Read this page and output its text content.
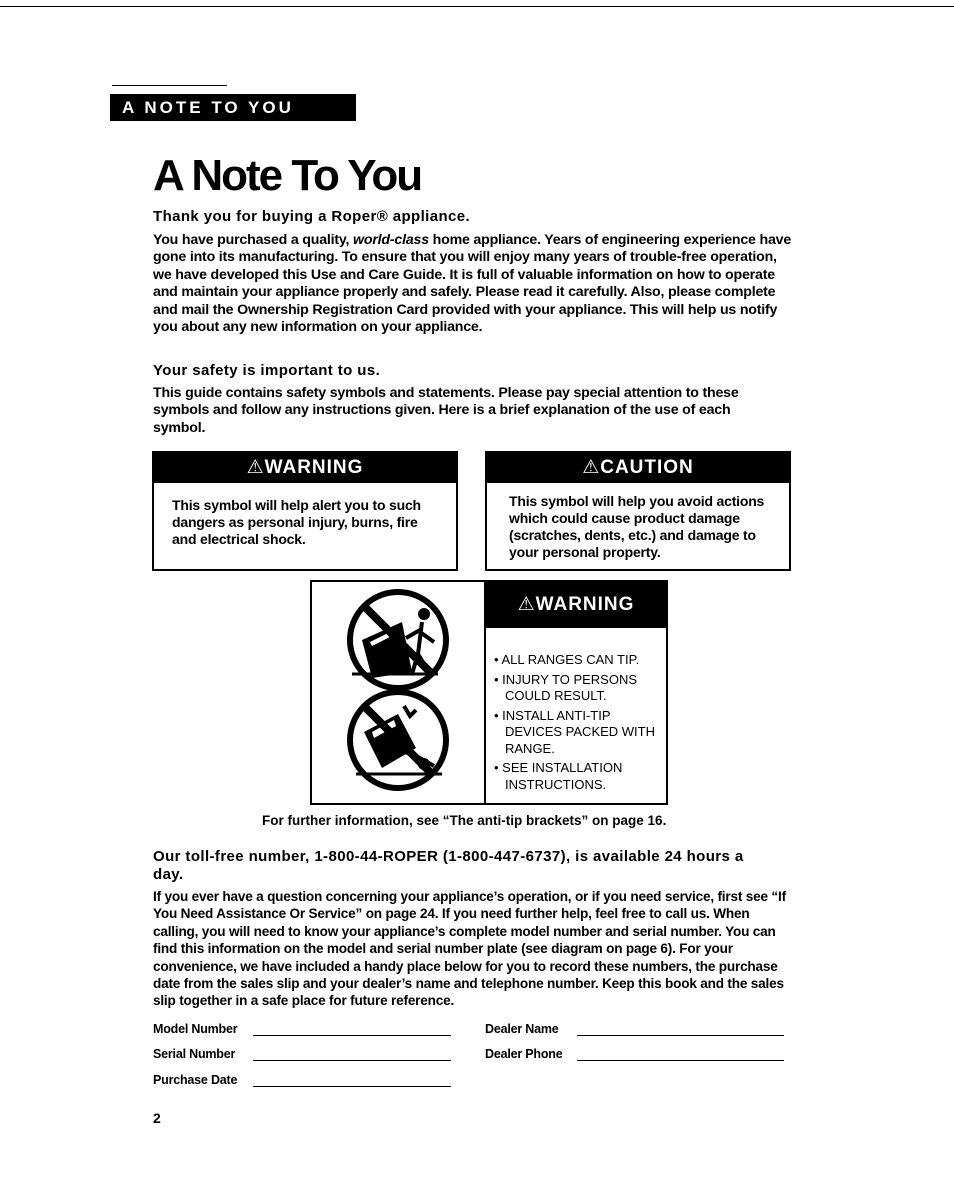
A NOTE TO YOU
A Note To You
Thank you for buying a Roper® appliance.

You have purchased a quality, world-class home appliance. Years of engineering experience have gone into its manufacturing. To ensure that you will enjoy many years of trouble-free operation, we have developed this Use and Care Guide. It is full of valuable information on how to operate and maintain your appliance properly and safely. Please read it carefully. Also, please complete and mail the Ownership Registration Card provided with your appliance. This will help us notify you about any new information on your appliance.

Your safety is important to us.

This guide contains safety symbols and statements. Please pay special attention to these symbols and follow any instructions given. Here is a brief explanation of the use of each symbol.

⚠WARNING
This symbol will help alert you to such dangers as personal injury, burns, fire and electrical shock.
⚠CAUTION
This symbol will help you avoid actions which could cause product damage (scratches, dents, etc.) and damage to your personal property.
⚠WARNING
• ALL RANGES CAN TIP.
• INJURY TO PERSONS COULD RESULT.
• INSTALL ANTI-TIP DEVICES PACKED WITH RANGE.
• SEE INSTALLATION INSTRUCTIONS.
For further information, see “The anti-tip brackets” on page 16.
Our toll-free number, 1-800-44-ROPER (1-800-447-6737), is available 24 hours a day.

If you ever have a question concerning your appliance’s operation, or if you need service, first see “If You Need Assistance Or Service” on page 24. If you need further help, feel free to call us. When calling, you will need to know your appliance’s complete model number and serial number. You can find this information on the model and serial number plate (see diagram on page 6). For your convenience, we have included a handy place below for you to record these numbers, the purchase date from the sales slip and your dealer’s name and telephone number. Keep this book and the sales slip together in a safe place for future reference.

Model Number
Serial Number
Purchase Date
Dealer Name
Dealer Phone
2
